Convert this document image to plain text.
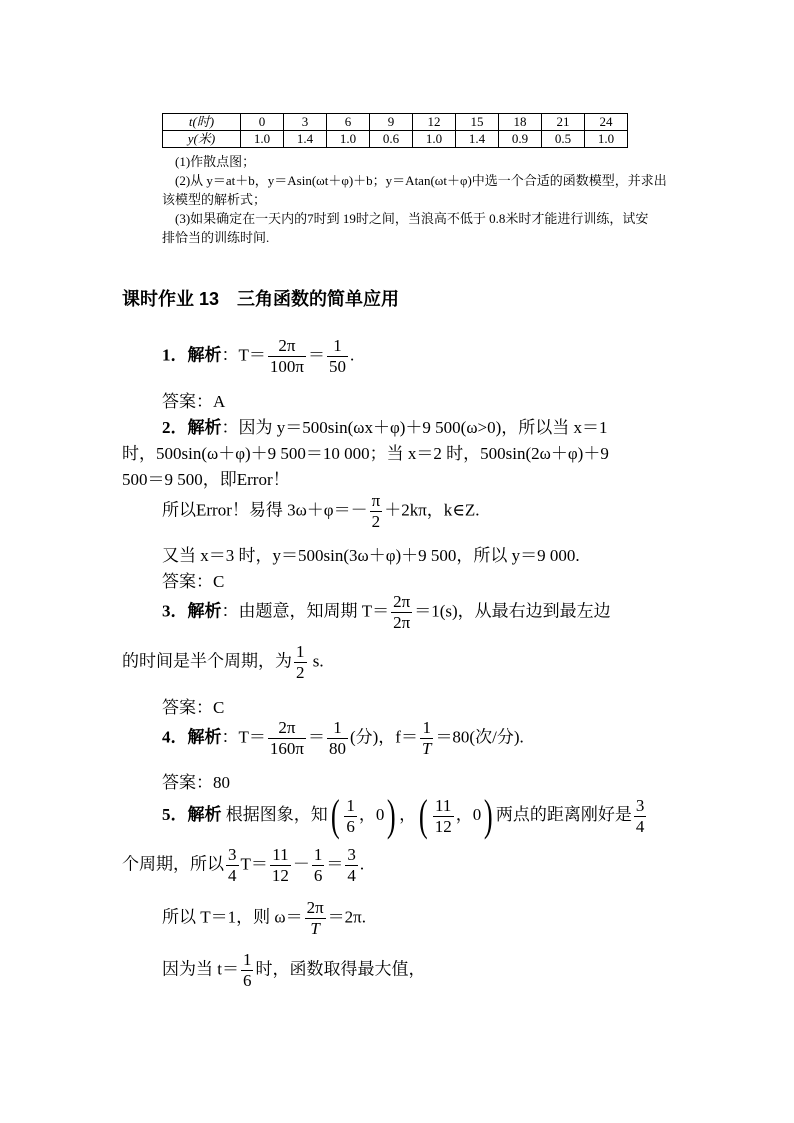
t(时)	0	3	6	9	12	15	18	21	24
y(米)	1.0	1.4	1.0	0.6	1.0	1.4	0.9	0.5	1.0
(1)作散点图；
(2)从 y＝at＋b，y＝Asin(ωt＋φ)＋b；y＝Atan(ωt＋φ)中选一个合适的函数模型，并求出
该模型的解析式；
(3)如果确定在一天内的7时到 19时之间，当浪高不低于 0.8米时才能进行训练，试安
排恰当的训练时间.
课时作业 13　三角函数的简单应用
1．解析：$T= \frac{2\pi}{100\pi} = \frac{1}{50}$ .
答案：A
2．解析：因为 y＝500sin(ωx＋φ)＋9 500(ω>0)，所以当 x＝1
时，500sin(ω＋φ)＋9 500＝10 000；当 x＝2 时，500sin(2ω＋φ)＋9
500＝9 500，即Error！
所以Error！易得 $3\omega+\varphi=- \frac{\pi}{2} +2k\pi$，k∈Z.
又当 x＝3 时，y＝500sin(3ω＋φ)＋9 500，所以 y＝9 000.
答案：C
3．解析：由题意，知周期 $T= \frac{2\pi}{2\pi} =1(s)$，从最右边到最左边
的时间是半个周期，为 $\frac{1}{2} s$.
答案：C
4．解析：$T= \frac{2\pi}{160\pi} = \frac{1}{80}$ (分)，$f= \frac{1}{T} =80$(次/分).
答案：80
5．解析 根据图象，知( $\frac{1}{6}$ ，0) ，( $\frac{11}{12}$ ，0) 两点的距离刚好是 $\frac{3}{4}$
个周期，所以 $\frac{3}{4} T= \frac{11}{12} - \frac{1}{6} = \frac{3}{4}$ .
所以 T＝1，则 $\omega= \frac{2\pi}{T} =2\pi$.
因为当 $t= \frac{1}{6}$ 时，函数取得最大值，
